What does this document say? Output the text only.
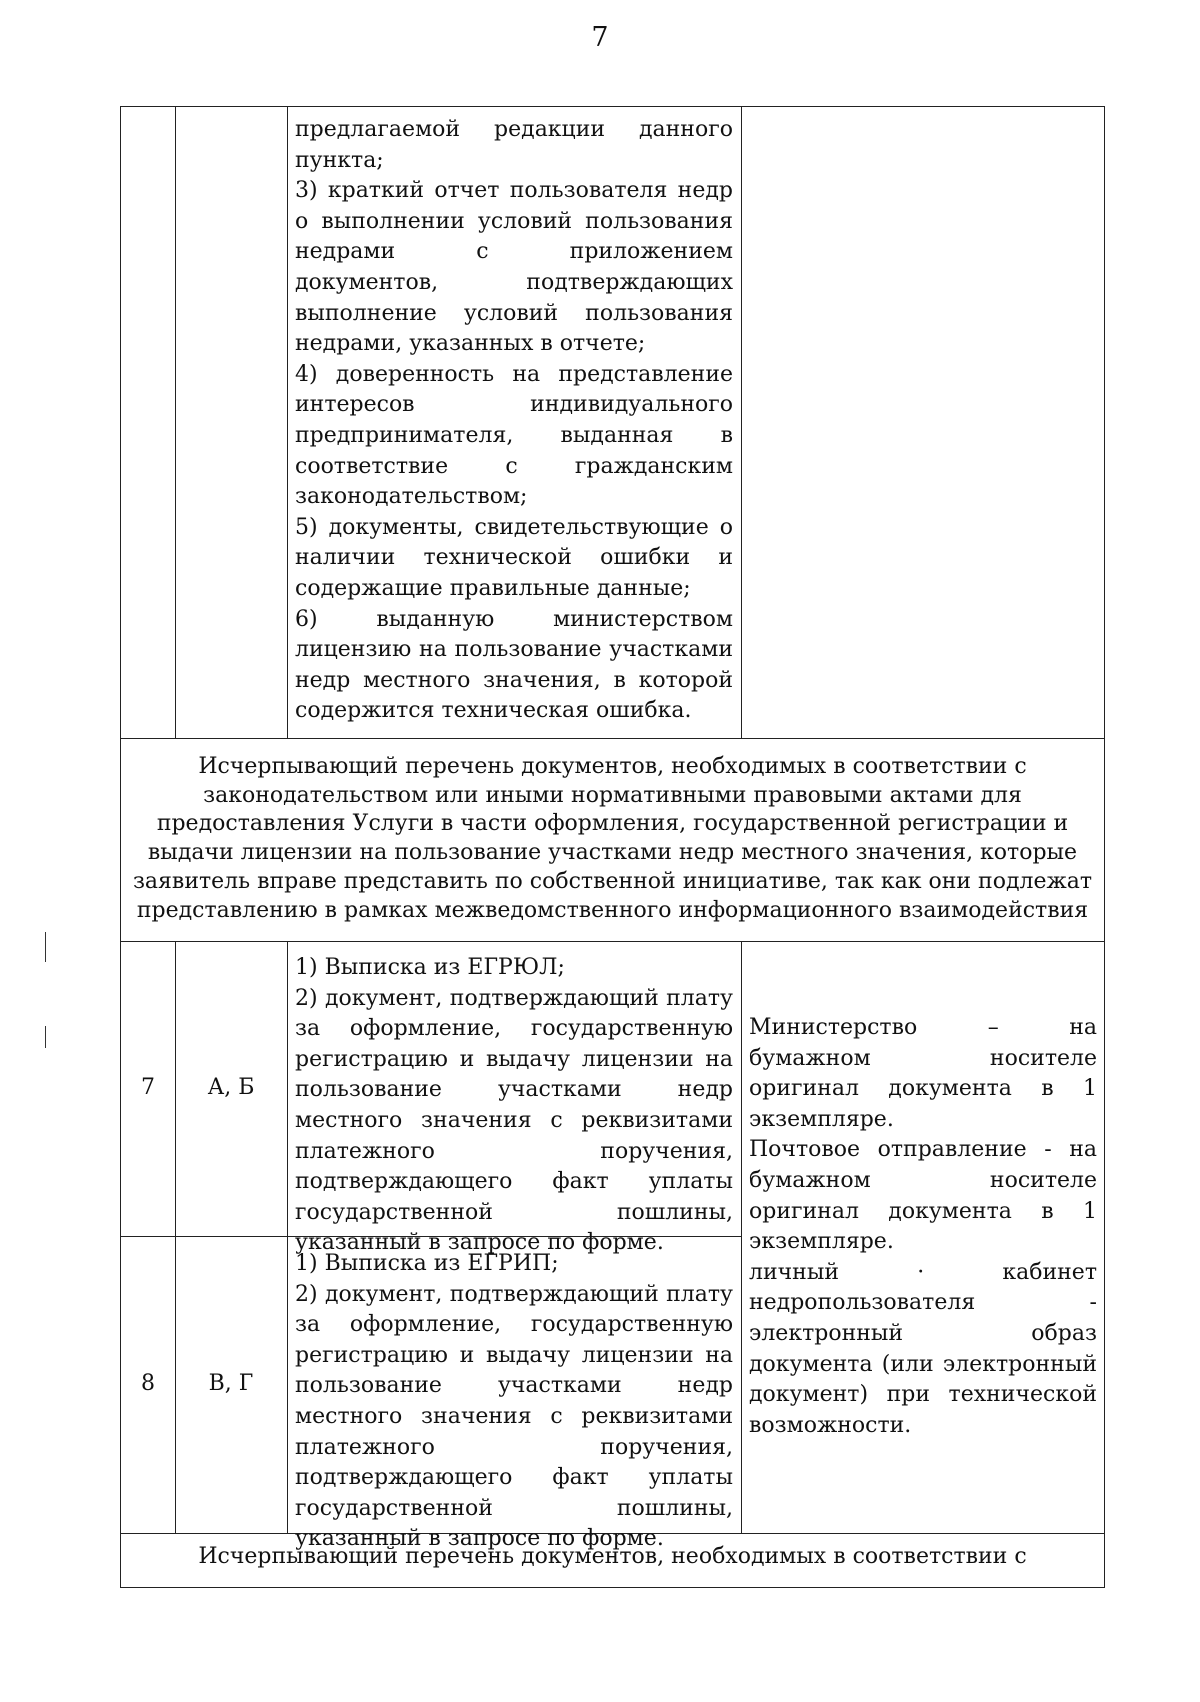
7

предлагаемой редакции данного пункта;

3) краткий отчет пользователя недр о выполнении условий пользования недрами с приложением документов, подтверждающих выполнение условий пользования недрами, указанных в отчете;

4) доверенность на представление интересов индивидуального предпринимателя, выданная в соответствие с гражданским законодательством;

5) документы, свидетельствующие о наличии технической ошибки и содержащие правильные данные;

6) выданную министерством лицензию на пользование участками недр местного значения, в которой содержится техническая ошибка.

Исчерпывающий перечень документов, необходимых в соответствии с законодательством или иными нормативными правовыми актами для предоставления Услуги в части оформления, государственной регистрации и выдачи лицензии на пользование участками недр местного значения, которые заявитель вправе представить по собственной инициативе, так как они подлежат представлению в рамках межведомственного информационного взаимодействия
7	А, Б

1) Выписка из ЕГРЮЛ;

2) документ, подтверждающий плату за оформление, государственную регистрацию и выдачу лицензии на пользование участками недр местного значения с реквизитами платежного поручения, подтверждающего факт уплаты государственной пошлины, указанный в запросе по форме.

8	В, Г

1) Выписка из ЕГРИП;

2) документ, подтверждающий плату за оформление, государственную регистрацию и выдачу лицензии на пользование участками недр местного значения с реквизитами платежного поручения, подтверждающего факт уплаты государственной пошлины, указанный в запросе по форме.

Министерство – на бумажном носителе оригинал документа в 1 экземпляре.

Почтовое отправление - на бумажном носителе оригинал документа в 1 экземпляре.

личный · кабинет недропользователя - электронный образ документа (или электронный документ) при технической возможности.

Исчерпывающий перечень документов, необходимых в соответствии с
